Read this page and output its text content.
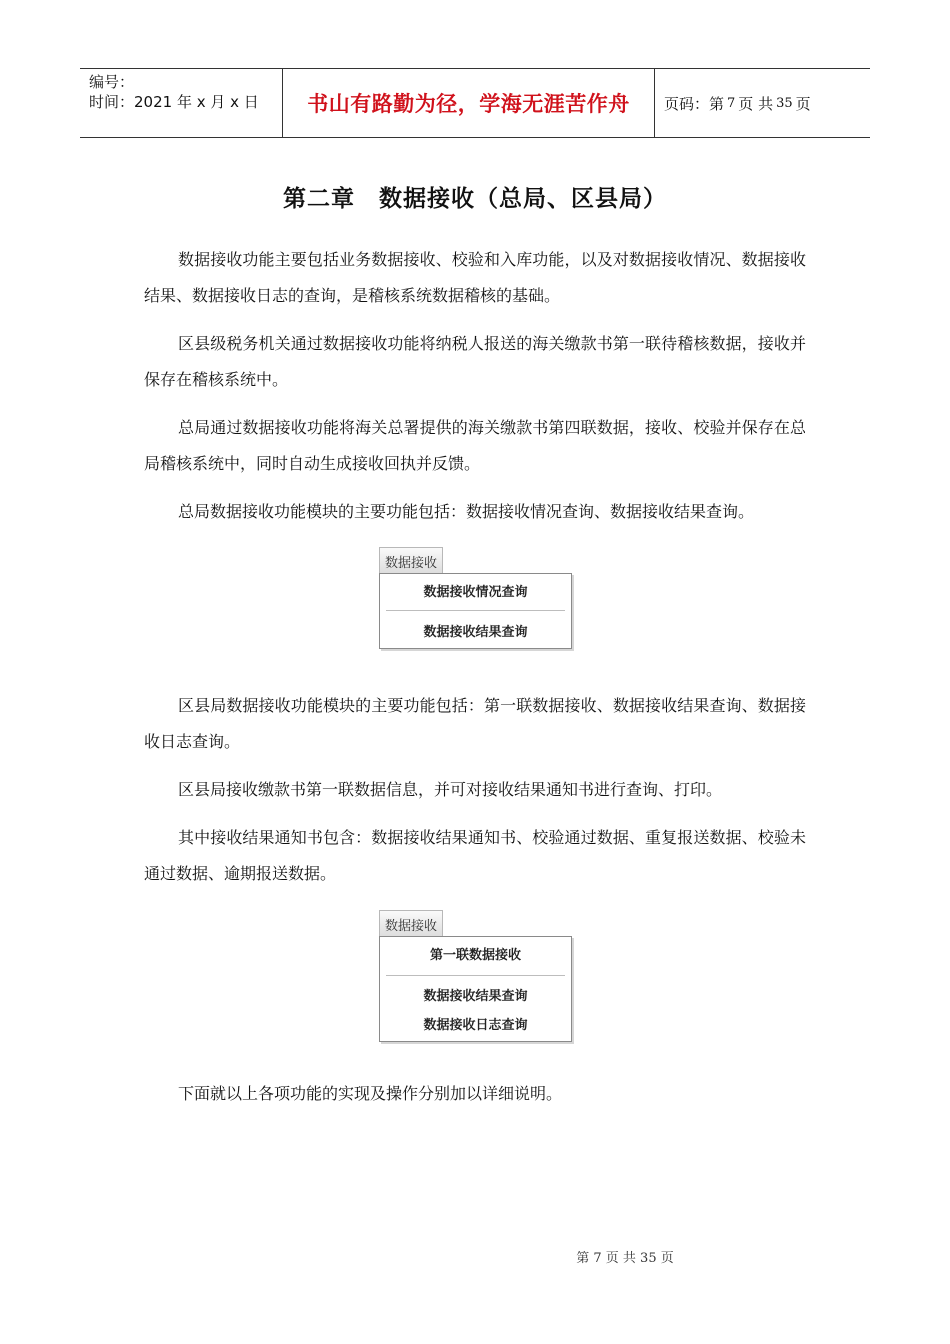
编号：
时间：2021 年 x 月 x 日	书山有路勤为径，学海无涯苦作舟 页码：第 7 页 共 35 页
第二章　数据接收（总局、区县局）

数据接收功能主要包括业务数据接收、校验和入库功能，以及对数据接收情况、数据接收结果、数据接收日志的查询，是稽核系统数据稽核的基础。

区县级税务机关通过数据接收功能将纳税人报送的海关缴款书第一联待稽核数据，接收并保存在稽核系统中。

总局通过数据接收功能将海关总署提供的海关缴款书第四联数据，接收、校验并保存在总局稽核系统中，同时自动生成接收回执并反馈。

总局数据接收功能模块的主要功能包括：数据接收情况查询、数据接收结果查询。

数据接收
数据接收情况查询
数据接收结果查询

区县局数据接收功能模块的主要功能包括：第一联数据接收、数据接收结果查询、数据接收日志查询。

区县局接收缴款书第一联数据信息，并可对接收结果通知书进行查询、打印。

其中接收结果通知书包含：数据接收结果通知书、校验通过数据、重复报送数据、校验未通过数据、逾期报送数据。

数据接收
第一联数据接收
数据接收结果查询
数据接收日志查询

下面就以上各项功能的实现及操作分别加以详细说明。

第 7 页 共 35 页
